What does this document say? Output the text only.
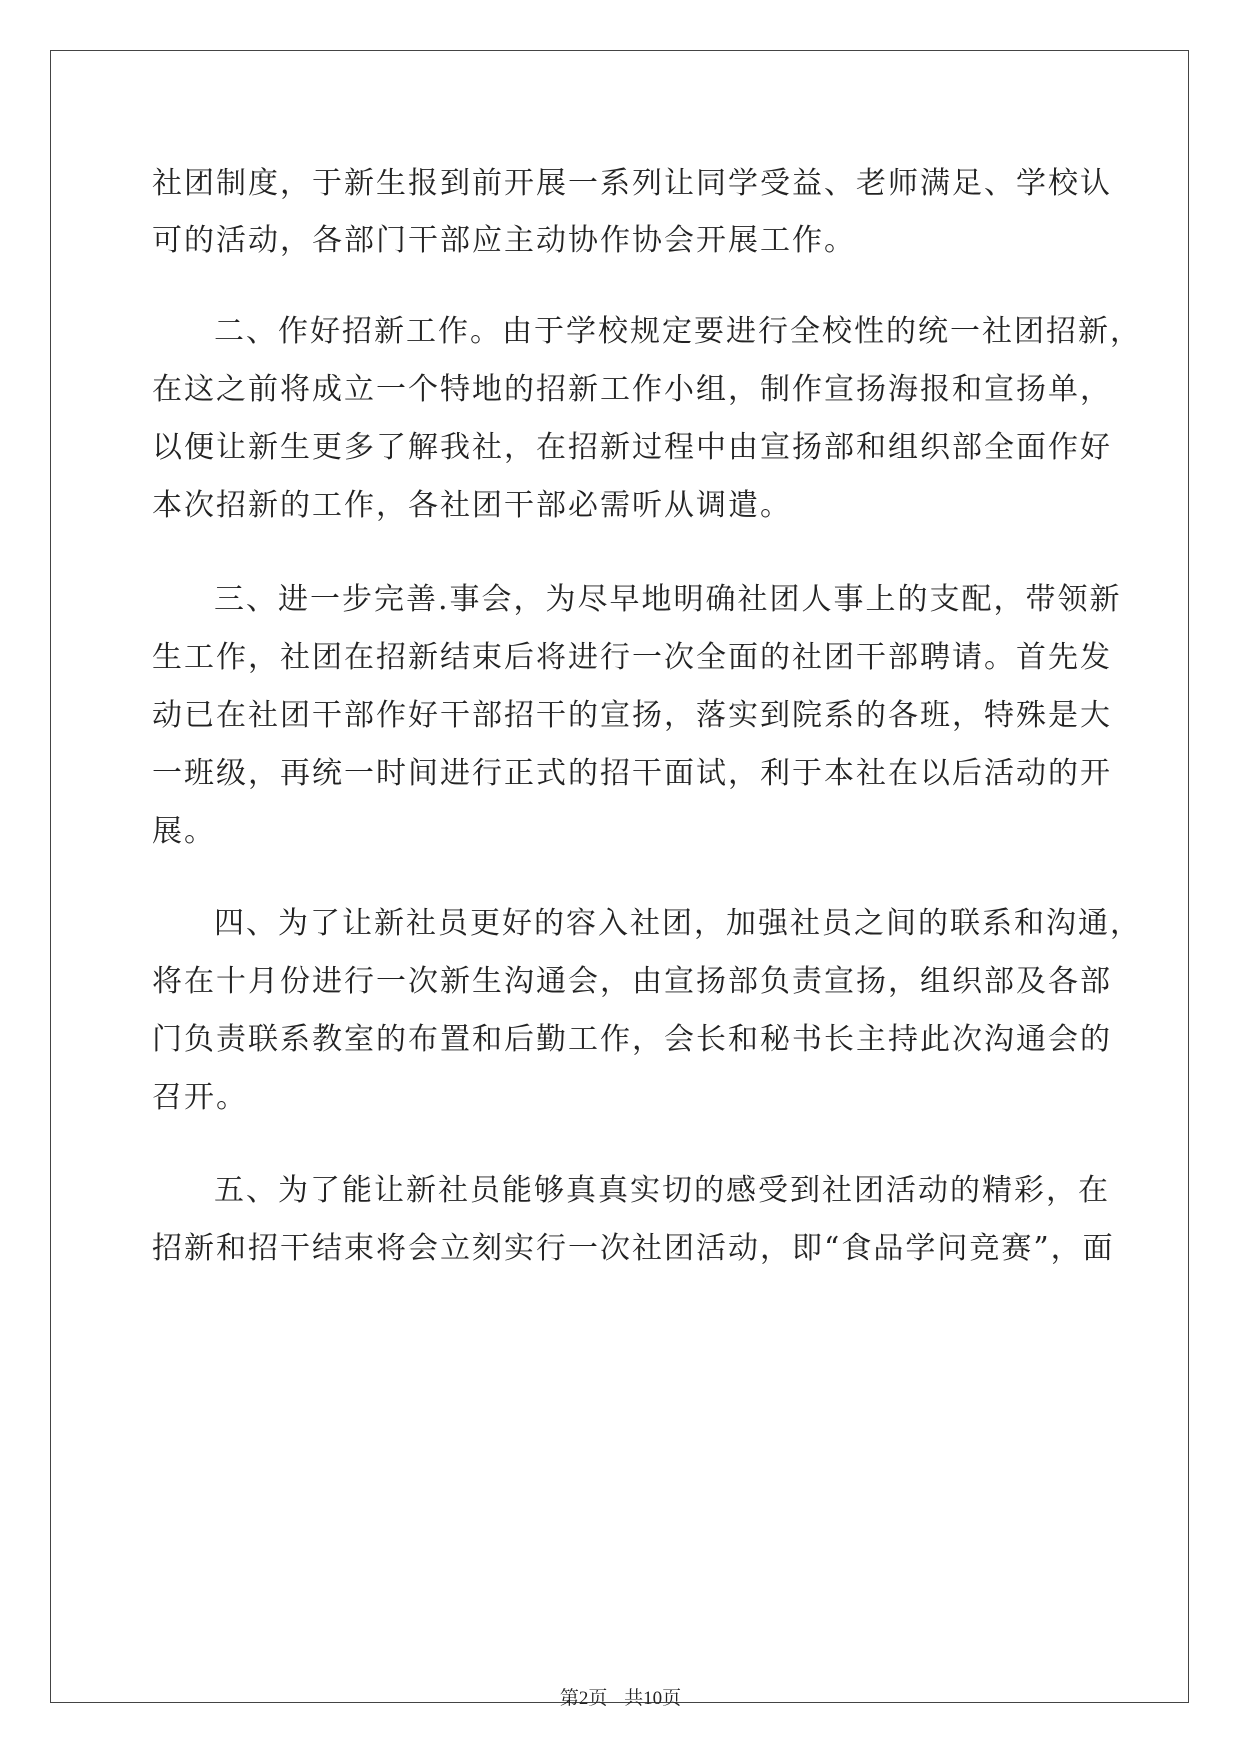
社团制度，于新生报到前开展一系列让同学受益、老师满足、学校认
可的活动，各部门干部应主动协作协会开展工作。
二、作好招新工作。由于学校规定要进行全校性的统一社团招新，
在这之前将成立一个特地的招新工作小组，制作宣扬海报和宣扬单，
以便让新生更多了解我社，在招新过程中由宣扬部和组织部全面作好
本次招新的工作，各社团干部必需听从调遣。
三、进一步完善.事会，为尽早地明确社团人事上的支配，带领新
生工作，社团在招新结束后将进行一次全面的社团干部聘请。首先发
动已在社团干部作好干部招干的宣扬，落实到院系的各班，特殊是大
一班级，再统一时间进行正式的招干面试，利于本社在以后活动的开
展。
四、为了让新社员更好的容入社团，加强社员之间的联系和沟通，
将在十月份进行一次新生沟通会，由宣扬部负责宣扬，组织部及各部
门负责联系教室的布置和后勤工作，会长和秘书长主持此次沟通会的
召开。
五、为了能让新社员能够真真实切的感受到社团活动的精彩，在
招新和招干结束将会立刻实行一次社团活动，即“食品学问竞赛”，面
第2页 共10页
